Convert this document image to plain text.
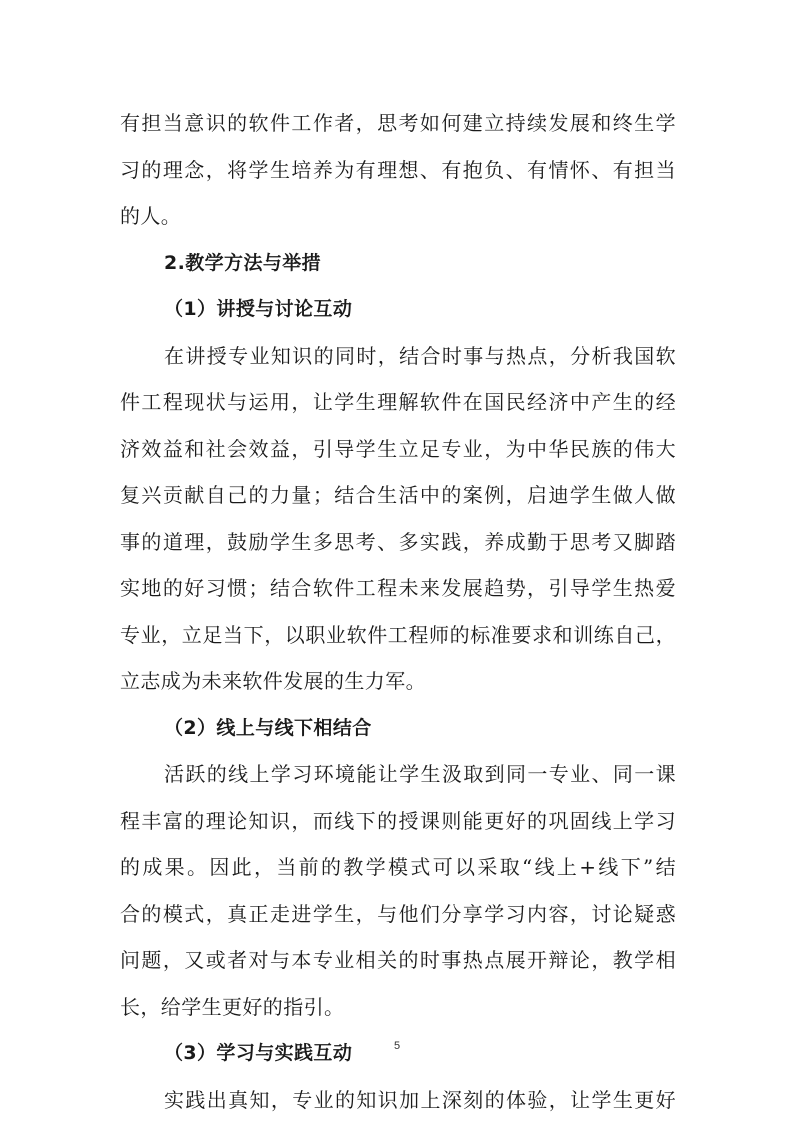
有担当意识的软件工作者，思考如何建立持续发展和终生学
习的理念，将学生培养为有理想、有抱负、有情怀、有担当
的人。
2.教学方法与举措
（1）讲授与讨论互动
在讲授专业知识的同时，结合时事与热点，分析我国软
件工程现状与运用，让学生理解软件在国民经济中产生的经
济效益和社会效益，引导学生立足专业，为中华民族的伟大
复兴贡献自己的力量；结合生活中的案例，启迪学生做人做
事的道理，鼓励学生多思考、多实践，养成勤于思考又脚踏
实地的好习惯；结合软件工程未来发展趋势，引导学生热爱
专业，立足当下，以职业软件工程师的标准要求和训练自己，
立志成为未来软件发展的生力军。
（2）线上与线下相结合
活跃的线上学习环境能让学生汲取到同一专业、同一课
程丰富的理论知识，而线下的授课则能更好的巩固线上学习
的成果。因此，当前的教学模式可以采取“线上+线下”结
合的模式，真正走进学生，与他们分享学习内容，讨论疑惑
问题，又或者对与本专业相关的时事热点展开辩论，教学相
长，给学生更好的指引。
（3）学习与实践互动
实践出真知，专业的知识加上深刻的体验，让学生更好
5
